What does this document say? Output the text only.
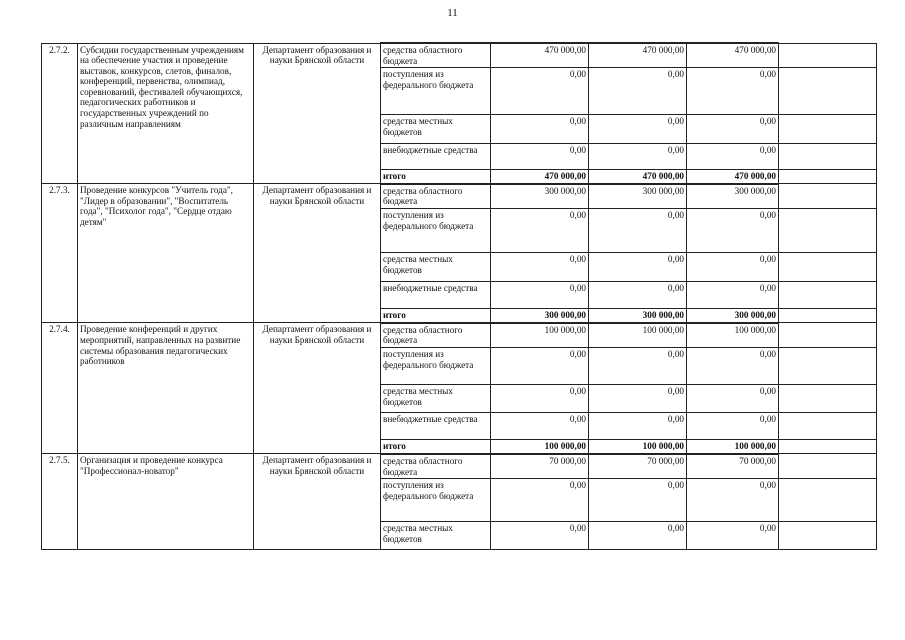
11
2.7.2.	Субсидии государственным учреждениям на обеспечение участия и проведение выставок, конкурсов, слетов, финалов, конференций, первенства, олимпиад, соревнований, фестивалей обучающихся, педагогических работников и государственных учреждений по различным направлениям	Департамент образования и науки Брянской области	средства областного бюджета	470 000,00	470 000,00	470 000,00	
			поступления из федерального бюджета	0,00	0,00	0,00	
			средства местных бюджетов	0,00	0,00	0,00	
			внебюджетные средства	0,00	0,00	0,00	
			итого	470 000,00	470 000,00	470 000,00	
2.7.3.	Проведение конкурсов "Учитель года", "Лидер в образовании", "Воспитатель года", "Психолог года", "Сердце отдаю детям"	Департамент образования и науки Брянской области	средства областного бюджета	300 000,00	300 000,00	300 000,00	
			поступления из федерального бюджета	0,00	0,00	0,00	
			средства местных бюджетов	0,00	0,00	0,00	
			внебюджетные средства	0,00	0,00	0,00	
			итого	300 000,00	300 000,00	300 000,00	
2.7.4.	Проведение конференций и других мероприятий, направленных на развитие системы образования педагогических работников	Департамент образования и науки Брянской области	средства областного бюджета	100 000,00	100 000,00	100 000,00	
			поступления из федерального бюджета	0,00	0,00	0,00	
			средства местных бюджетов	0,00	0,00	0,00	
			внебюджетные средства	0,00	0,00	0,00	
			итого	100 000,00	100 000,00	100 000,00	
2.7.5.	Организация и проведение конкурса "Профессионал-новатор"	Департамент образования и науки Брянской области	средства областного бюджета	70 000,00	70 000,00	70 000,00	
			поступления из федерального бюджета	0,00	0,00	0,00	
			средства местных бюджетов	0,00	0,00	0,00	
